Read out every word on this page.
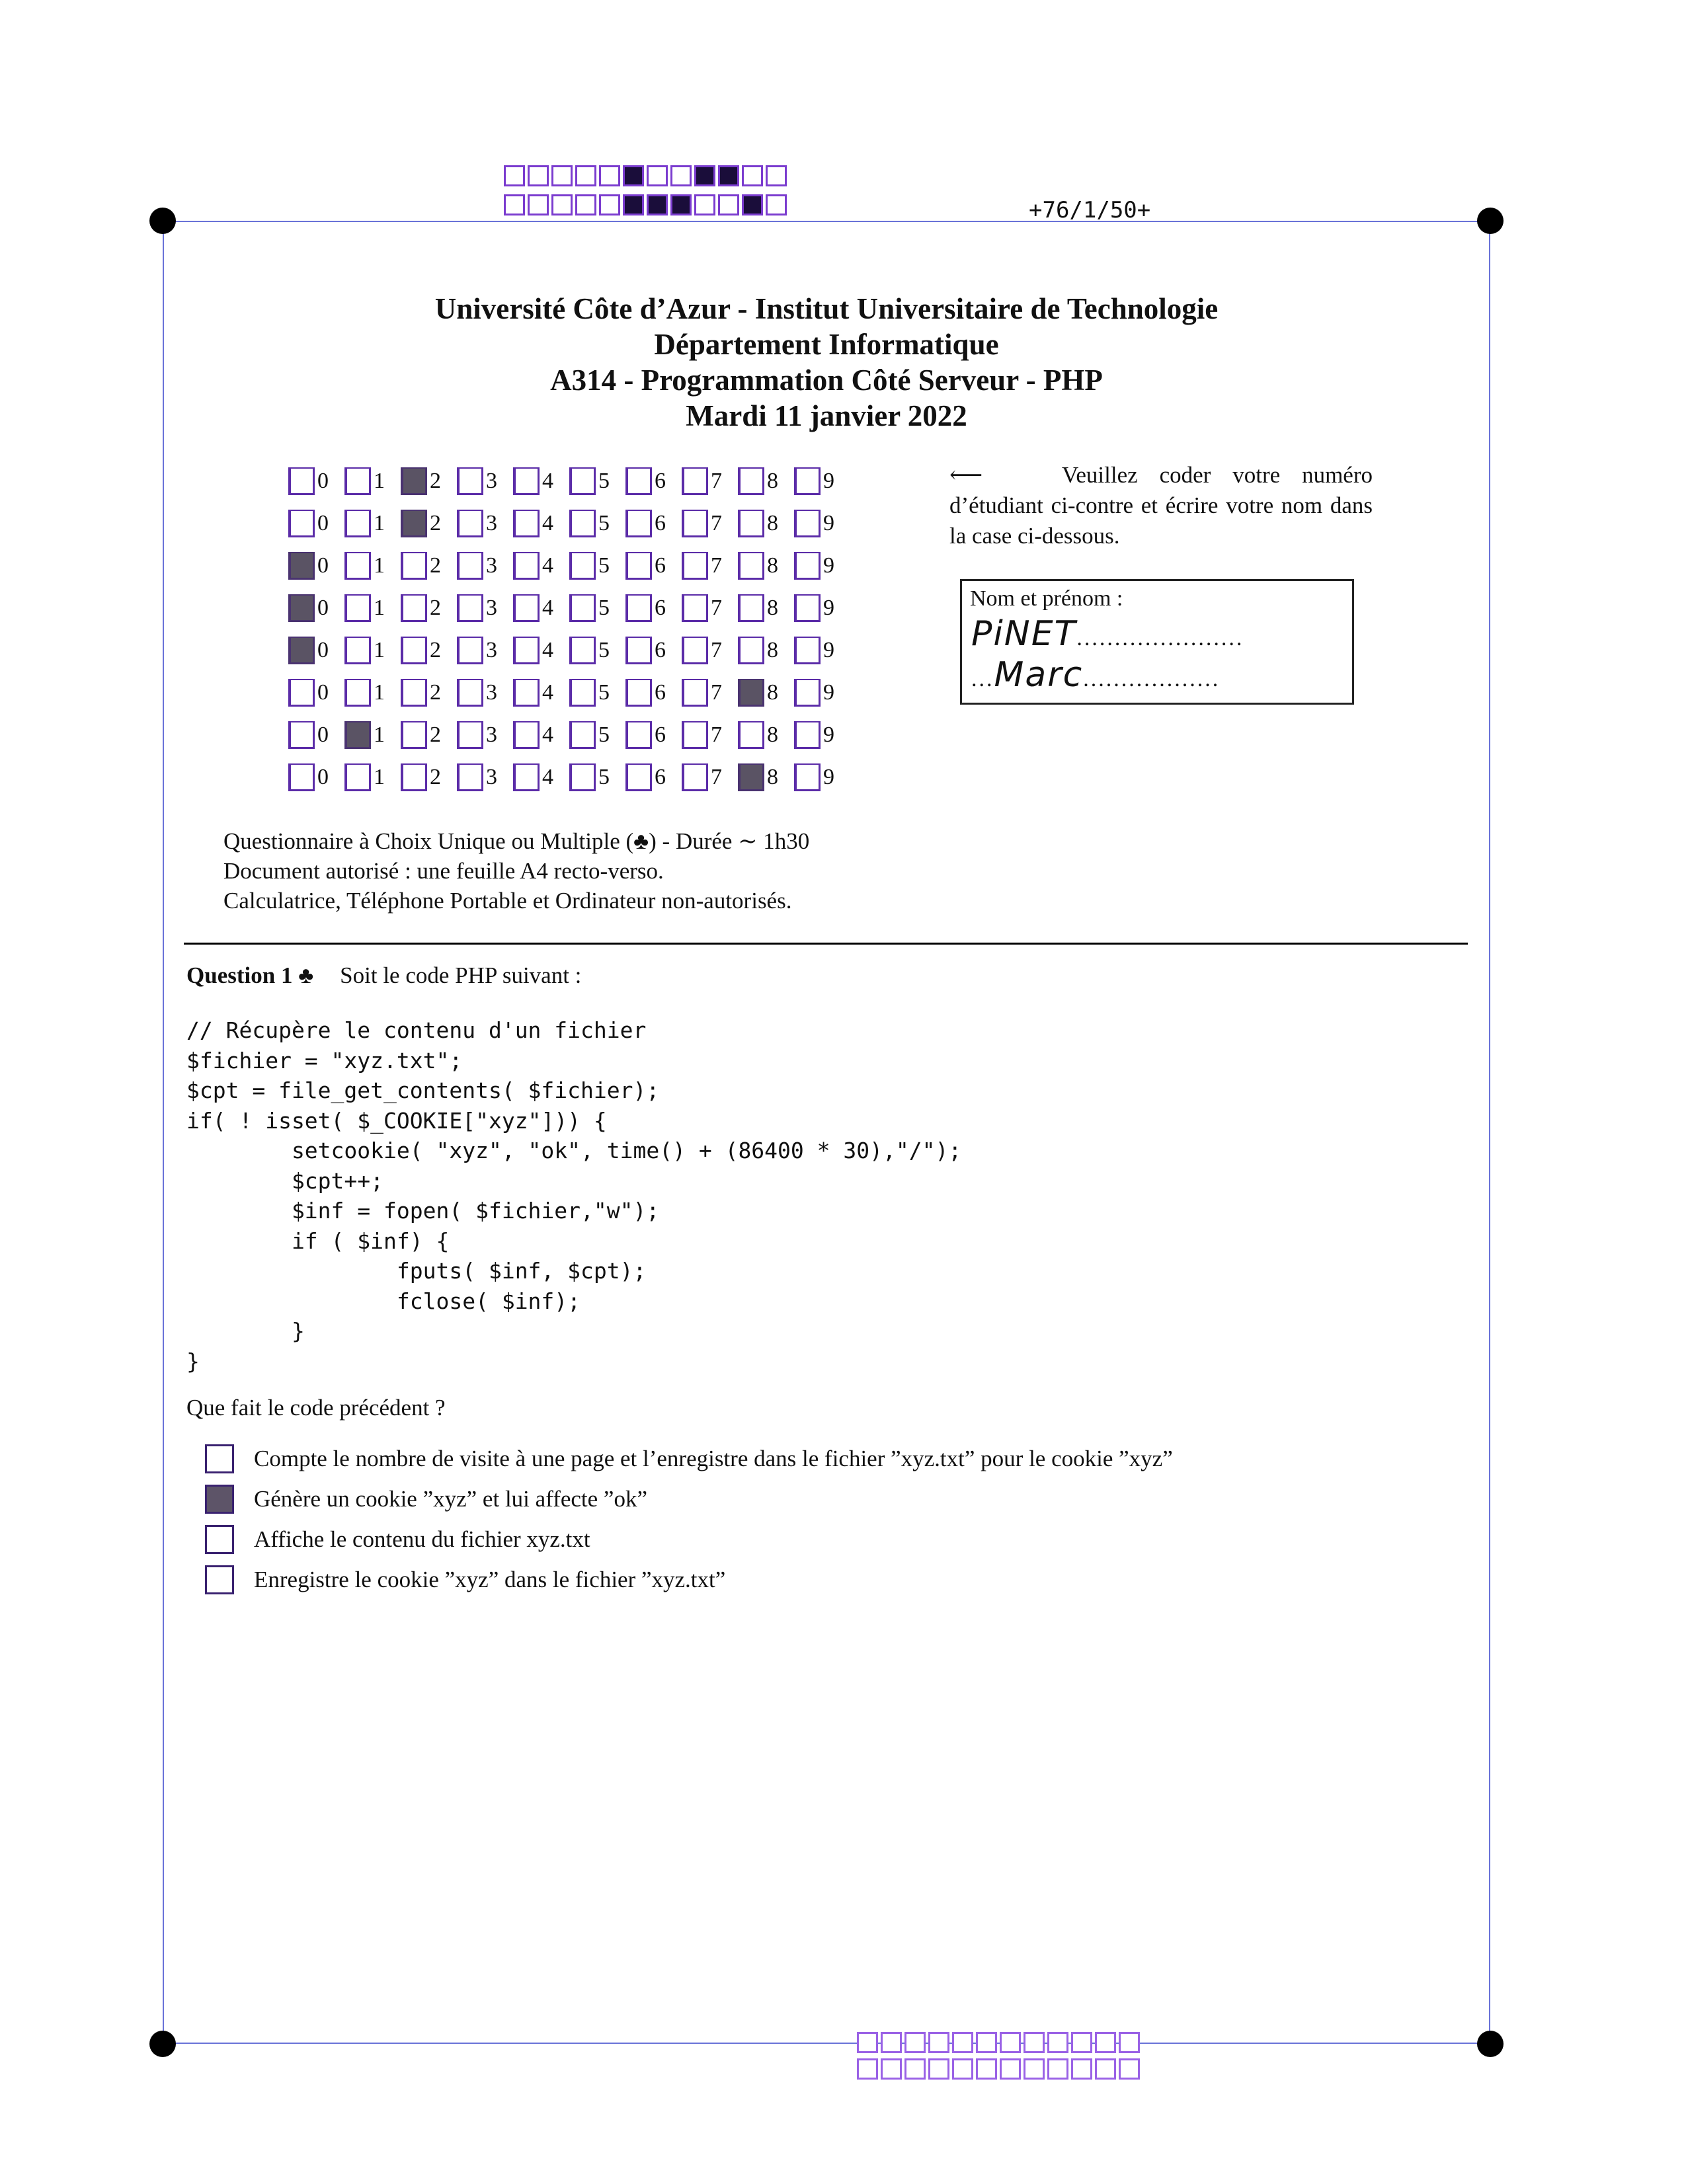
+76/1/50+
Université Côte d’Azur - Institut Universitaire de Technologie
Département Informatique
A314 - Programmation Côté Serveur - PHP
Mardi 11 janvier 2022
0 1 2 3 4 5 6 7 8 9
0 1 2 3 4 5 6 7 8 9
0 1 2 3 4 5 6 7 8 9
0 1 2 3 4 5 6 7 8 9
0 1 2 3 4 5 6 7 8 9
0 1 2 3 4 5 6 7 8 9
0 1 2 3 4 5 6 7 8 9
0 1 2 3 4 5 6 7 8 9
⟵	Veuillez coder votre numéro d’étudiant ci-contre et écrire votre nom dans la case ci-dessous.
Nom et prénom :
PiNET......................
...Marc..................
Questionnaire à Choix Unique ou Multiple (♣) - Durée ∼ 1h30
Document autorisé : une feuille A4 recto-verso.
Calculatrice, Téléphone Portable et Ordinateur non-autorisés.
Question 1 ♣ Soit le code PHP suivant :
// Récupère le contenu d'un fichier
$fichier = "xyz.txt";
$cpt = file_get_contents( $fichier);
if( ! isset( $_COOKIE["xyz"])) {
setcookie( "xyz", "ok", time() + (86400 * 30),"/");
$cpt++;
$inf = fopen( $fichier,"w");
if ( $inf) {
fputs( $inf, $cpt);
fclose( $inf);
}
}
Que fait le code précédent ?
Compte le nombre de visite à une page et l’enregistre dans le fichier ”xyz.txt” pour le cookie ”xyz”
Génère un cookie ”xyz” et lui affecte ”ok”
Affiche le contenu du fichier xyz.txt
Enregistre le cookie ”xyz” dans le fichier ”xyz.txt”
